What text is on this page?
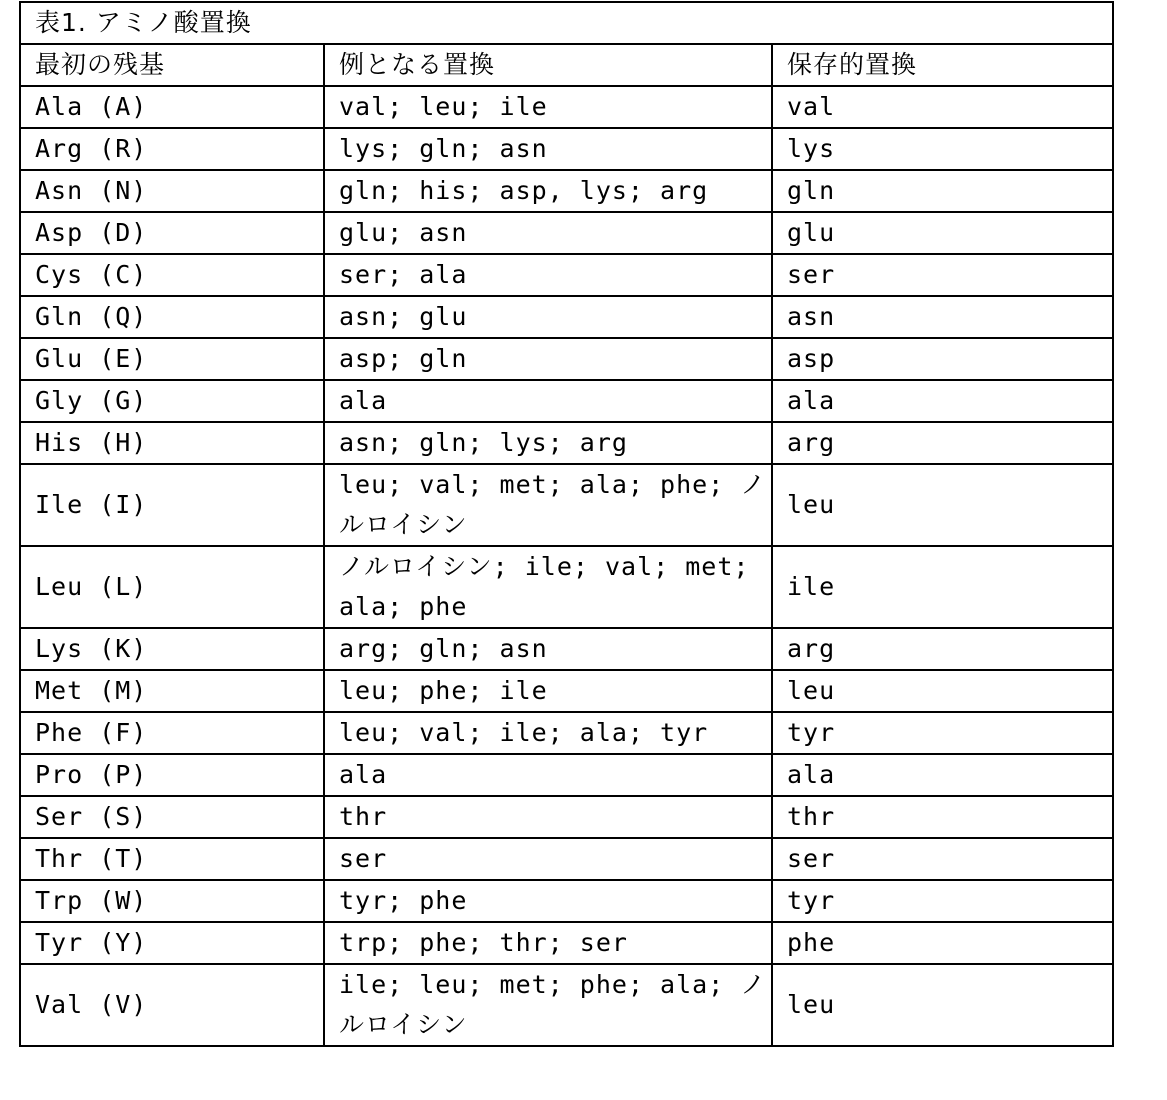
表1. アミノ酸置換		
最初の残基	例となる置換	保存的置換
Ala (A)	val; leu; ile	val
Arg (R)	lys; gln; asn	lys
Asn (N)	gln; his; asp, lys; arg	gln
Asp (D)	glu; asn	glu
Cys (C)	ser; ala	ser
Gln (Q)	asn; glu	asn
Glu (E)	asp; gln	asp
Gly (G)	ala	ala
His (H)	asn; gln; lys; arg	arg
Ile (I)	leu; val; met; ala; phe; ノルロイシン	leu
Leu (L)	ノルロイシン; ile; val; met; ala; phe	ile
Lys (K)	arg; gln; asn	arg
Met (M)	leu; phe; ile	leu
Phe (F)	leu; val; ile; ala; tyr	tyr
Pro (P)	ala	ala
Ser (S)	thr	thr
Thr (T)	ser	ser
Trp (W)	tyr; phe	tyr
Tyr (Y)	trp; phe; thr; ser	phe
Val (V)	ile; leu; met; phe; ala; ノルロイシン	leu
